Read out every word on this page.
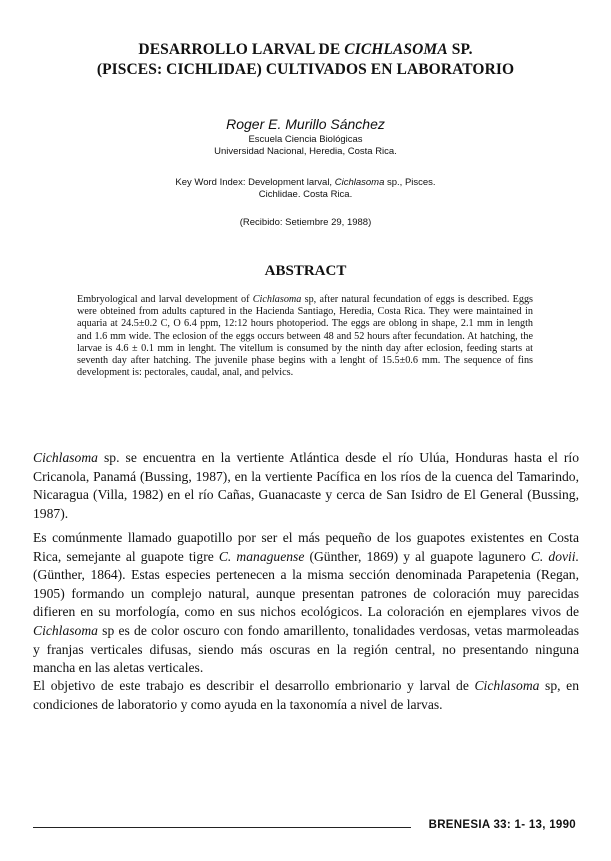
DESARROLLO LARVAL DE CICHLASOMA SP.
(PISCES: CICHLIDAE) CULTIVADOS EN LABORATORIO
Roger E. Murillo Sánchez
Escuela Ciencia Biológicas
Universidad Nacional, Heredia, Costa Rica.
Key Word Index: Development larval, Cichlasoma sp., Pisces.
Cichlidae. Costa Rica.
(Recibido: Setiembre 29, 1988)
ABSTRACT
Embryological and larval development of Cichlasoma sp, after natural fecundation of eggs is described. Eggs were obteined from adults captured in the Hacienda Santiago, Heredia, Costa Rica. They were maintained in aquaria at 24.5±0.2 C, O 6.4 ppm, 12:12 hours photoperiod. The eggs are oblong in shape, 2.1 mm in length and 1.6 mm wide. The eclosion of the eggs occurs between 48 and 52 hours after fecundation. At hatching, the larvae is 4.6 ± 0.1 mm in lenght. The vitellum is consumed by the ninth day after eclosion, feeding starts at seventh day after hatching. The juvenile phase begins with a lenght of 15.5±0.6 mm. The sequence of fins development is: pectorales, caudal, anal, and pelvics.
Cichlasoma sp. se encuentra en la vertiente Atlántica desde el río Ulúa, Honduras hasta el río Cricanola, Panamá (Bussing, 1987), en la vertiente Pacífica en los ríos de la cuenca del Tamarindo, Nicaragua (Villa, 1982) en el río Cañas, Guanacaste y cerca de San Isidro de El General (Bussing, 1987).
Es comúnmente llamado guapotillo por ser el más pequeño de los guapotes existentes en Costa Rica, semejante al guapote tigre C. managuense (Günther, 1869) y al guapote lagunero C. dovii. (Günther, 1864). Estas especies pertenecen a la misma sección denominada Parapetenia (Regan, 1905) formando un complejo natural, aunque presentan patrones de coloración muy parecidas difieren en su morfología, como en sus nichos ecológicos. La coloración en ejemplares vivos de Cichlasoma sp es de color oscuro con fondo amarillento, tonalidades verdosas, vetas marmoleadas y franjas verticales difusas, siendo más oscuras en la región central, no presentando ninguna mancha en las aletas verticales.
El objetivo de este trabajo es describir el desarrollo embrionario y larval de Cichlasoma sp, en condiciones de laboratorio y como ayuda en la taxonomía a nivel de larvas.
BRENESIA 33: 1- 13, 1990
